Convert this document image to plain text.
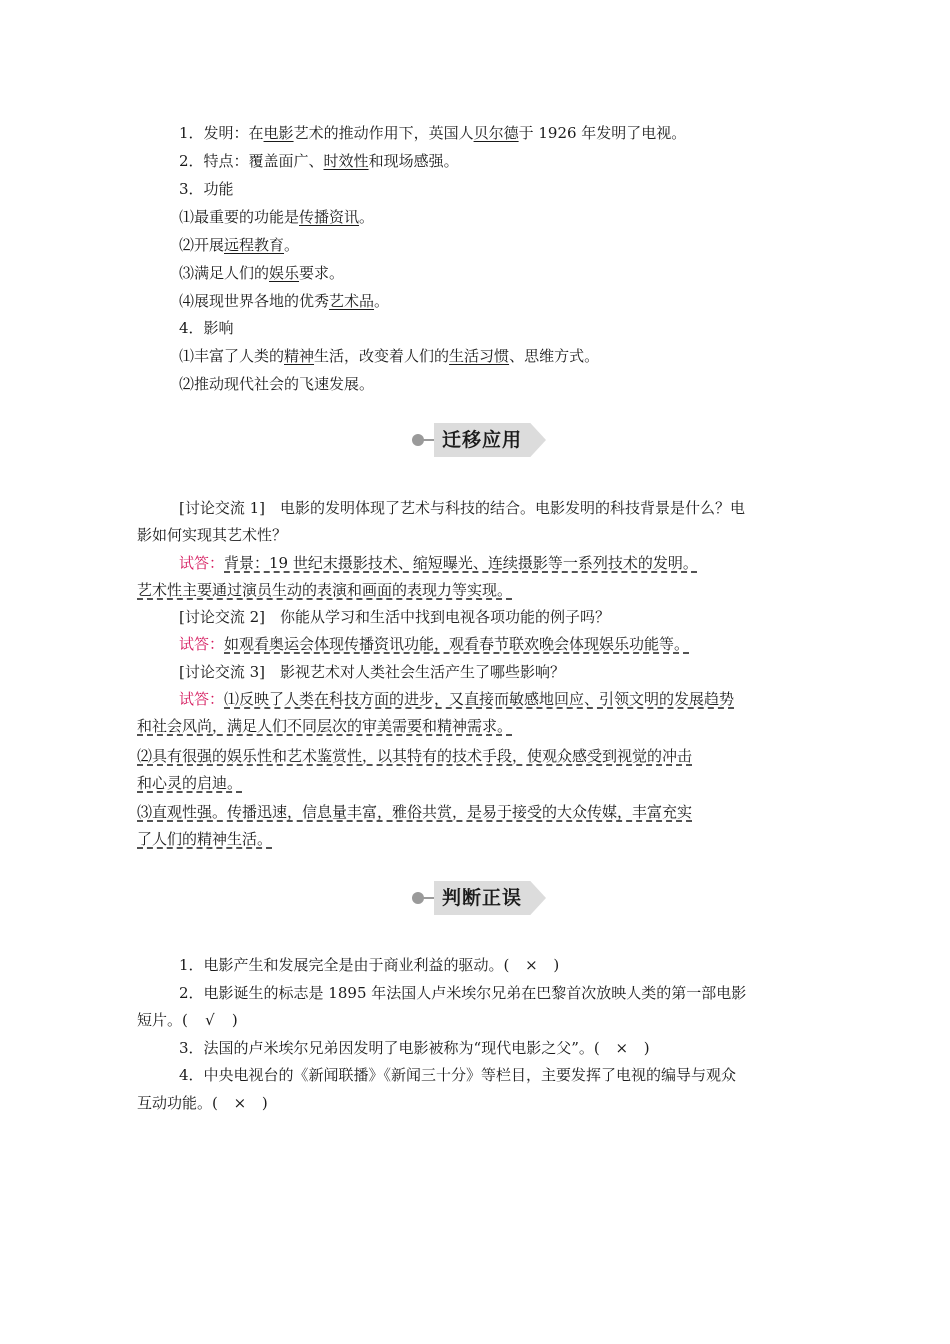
1．发明：在电影艺术的推动作用下，英国人贝尔德于 1926 年发明了电视。
2．特点：覆盖面广、时效性和现场感强。
3．功能
⑴最重要的功能是传播资讯。
⑵开展远程教育。
⑶满足人们的娱乐要求。
⑷展现世界各地的优秀艺术品。
4．影响
⑴丰富了人类的精神生活，改变着人们的生活习惯、思维方式。
⑵推动现代社会的飞速发展。
迁移应用
[讨论交流 1]　电影的发明体现了艺术与科技的结合。电影发明的科技背景是什么？电
影如何实现其艺术性？
试答：背景：19 世纪末摄影技术、缩短曝光、连续摄影等一系列技术的发明。
艺术性主要通过演员生动的表演和画面的表现力等实现。
[讨论交流 2]　你能从学习和生活中找到电视各项功能的例子吗？
试答：如观看奥运会体现传播资讯功能，观看春节联欢晚会体现娱乐功能等。
[讨论交流 3]　影视艺术对人类社会生活产生了哪些影响？
试答：⑴反映了人类在科技方面的进步，又直接而敏感地回应、引领文明的发展趋势
和社会风尚，满足人们不同层次的审美需要和精神需求。
⑵具有很强的娱乐性和艺术鉴赏性，以其特有的技术手段，使观众感受到视觉的冲击
和心灵的启迪。
⑶直观性强。传播迅速，信息量丰富，雅俗共赏，是易于接受的大众传媒，丰富充实
了人们的精神生活。
判断正误
1．电影产生和发展完全是由于商业利益的驱动。( × )
2．电影诞生的标志是 1895 年法国人卢米埃尔兄弟在巴黎首次放映人类的第一部电影
短片。( √ )
3．法国的卢米埃尔兄弟因发明了电影被称为“现代电影之父”。( × )
4．中央电视台的《新闻联播》《新闻三十分》等栏目，主要发挥了电视的编导与观众
互动功能。( × )
